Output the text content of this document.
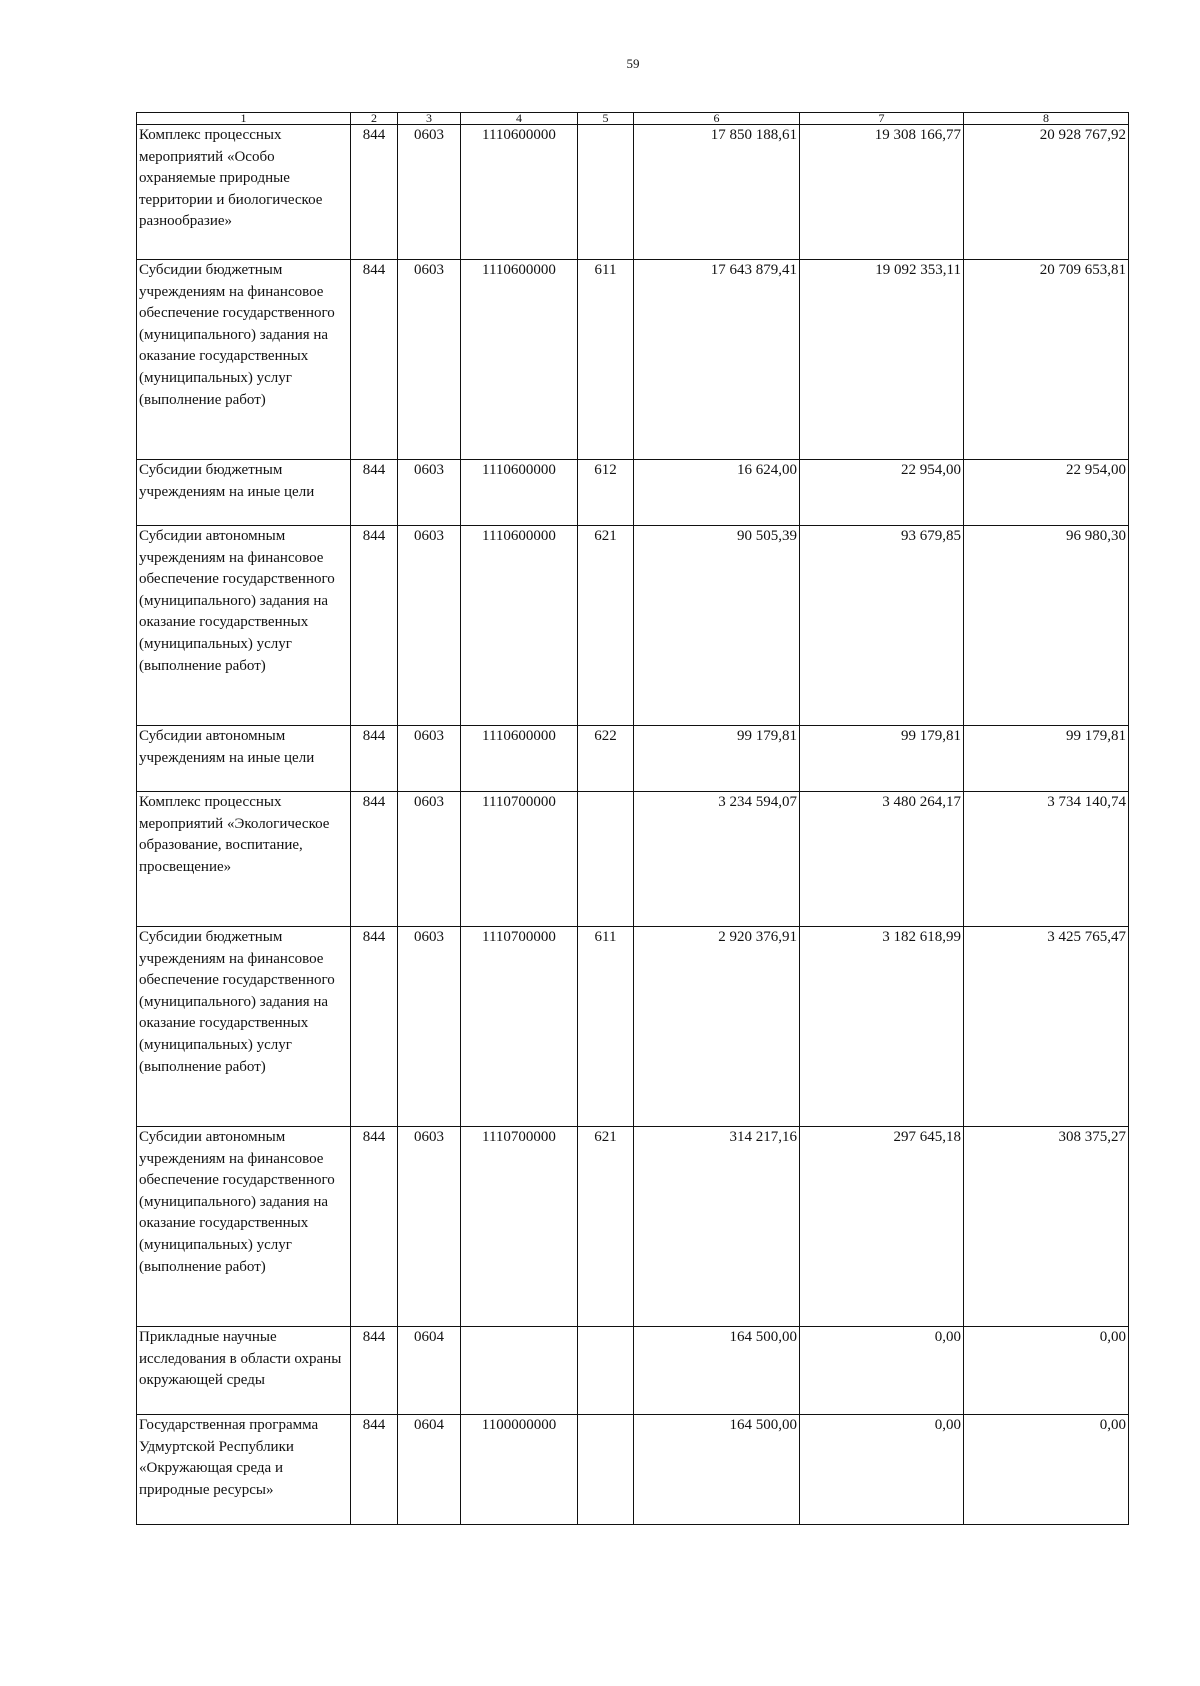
59
1	2	3	4	5	6	7	8
Комплекс процессных мероприятий «Особо охраняемые природные территории и биологическое разнообразие»	844	0603	1110600000		17 850 188,61	19 308 166,77	20 928 767,92
Субсидии бюджетным учреждениям на финансовое обеспечение государственного (муниципального) задания на оказание государственных (муниципальных) услуг (выполнение работ)	844	0603	1110600000	611	17 643 879,41	19 092 353,11	20 709 653,81
Субсидии бюджетным учреждениям на иные цели	844	0603	1110600000	612	16 624,00	22 954,00	22 954,00
Субсидии автономным учреждениям на финансовое обеспечение государственного (муниципального) задания на оказание государственных (муниципальных) услуг (выполнение работ)	844	0603	1110600000	621	90 505,39	93 679,85	96 980,30
Субсидии автономным учреждениям на иные цели	844	0603	1110600000	622	99 179,81	99 179,81	99 179,81
Комплекс процессных мероприятий «Экологическое образование, воспитание, просвещение»	844	0603	1110700000		3 234 594,07	3 480 264,17	3 734 140,74
Субсидии бюджетным учреждениям на финансовое обеспечение государственного (муниципального) задания на оказание государственных (муниципальных) услуг (выполнение работ)	844	0603	1110700000	611	2 920 376,91	3 182 618,99	3 425 765,47
Субсидии автономным учреждениям на финансовое обеспечение государственного (муниципального) задания на оказание государственных (муниципальных) услуг (выполнение работ)	844	0603	1110700000	621	314 217,16	297 645,18	308 375,27
Прикладные научные исследования в области охраны окружающей среды	844	0604			164 500,00	0,00	0,00
Государственная программа Удмуртской Республики «Окружающая среда и природные ресурсы»	844	0604	1100000000		164 500,00	0,00	0,00
